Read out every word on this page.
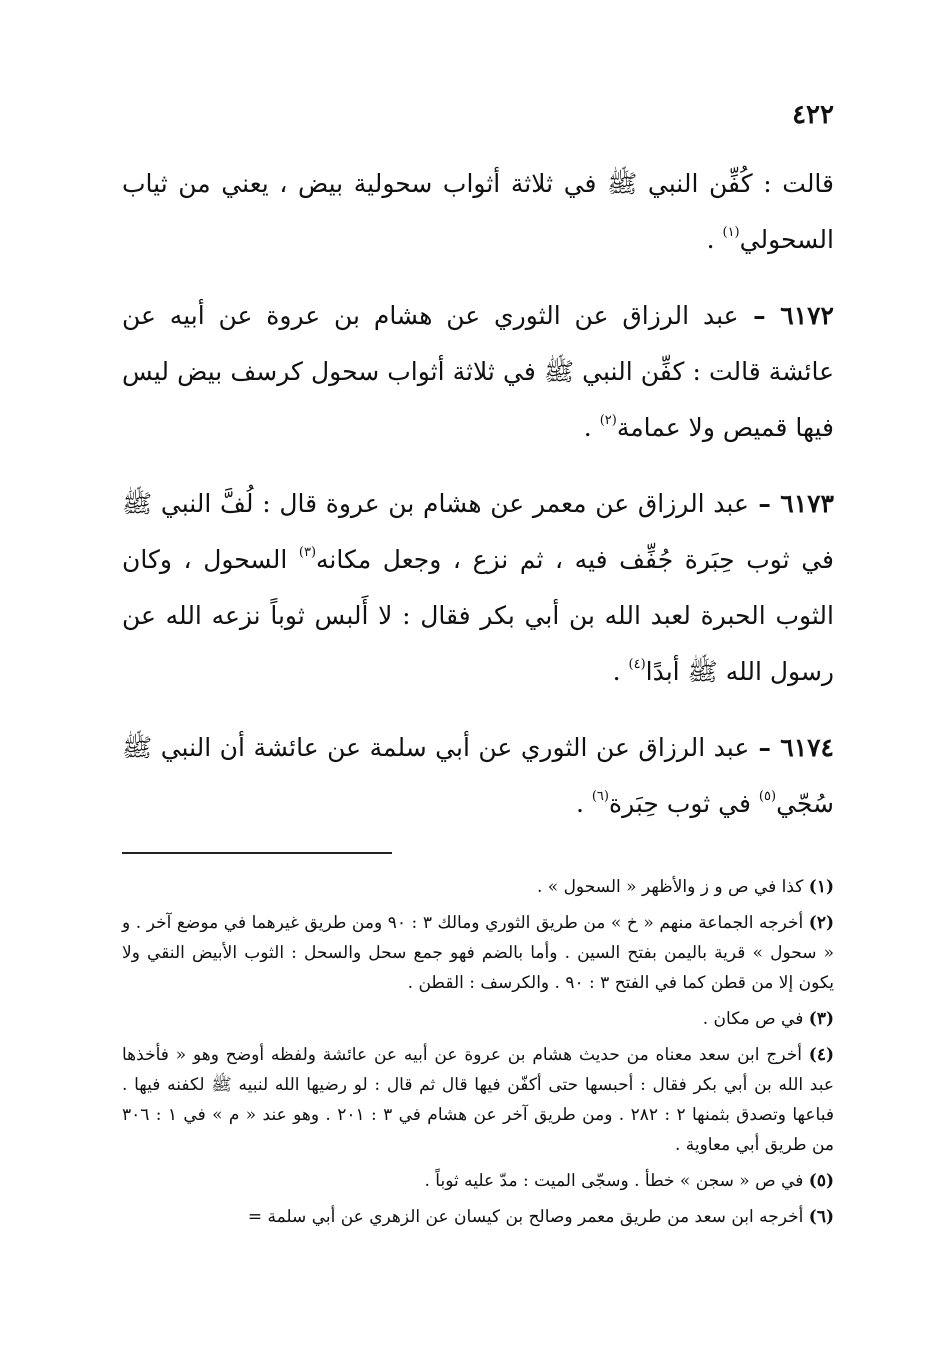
٤٢٢

قالت : كُفِّن النبي ﷺ في ثلاثة أثواب سحولية بيض ، يعني من ثياب السحولي$^{(١)}$ .

٦١٧٢ – عبد الرزاق عن الثوري عن هشام بن عروة عن أبيه عن عائشة قالت : كفِّن النبي ﷺ في ثلاثة أثواب سحول كرسف بيض ليس فيها قميص ولا عمامة$^{(٢)}$ .

٦١٧٣ – عبد الرزاق عن معمر عن هشام بن عروة قال : لُفَّ النبي ﷺ في ثوب حِبَرة جُفِّف فيه ، ثم نزع ، وجعل مكانه$^{(٣)}$ السحول ، وكان الثوب الحبرة لعبد الله بن أبي بكر فقال : لا أَلبس ثوباً نزعه الله عن رسول الله ﷺ أبدًا$^{(٤)}$ .

٦١٧٤ – عبد الرزاق عن الثوري عن أبي سلمة عن عائشة أن النبي ﷺ سُجّي$^{(٥)}$ في ثوب حِبَرة$^{(٦)}$ .

(١) كذا في ص و ز والأظهر « السحول » .
(٢) أخرجه الجماعة منهم « خ » من طريق الثوري ومالك ٣ : ٩٠ ومن طريق غيرهما في موضع آخر . و « سحول » قرية باليمن بفتح السين . وأما بالضم فهو جمع سحل والسحل : الثوب الأبيض النقي ولا يكون إلا من قطن كما في الفتح ٣ : ٩٠ . والكرسف : القطن .
(٣) في ص مكان .
(٤) أخرج ابن سعد معناه من حديث هشام بن عروة عن أبيه عن عائشة ولفظه أوضح وهو « فأخذها عبد الله بن أبي بكر فقال : أحبسها حتى أكفّن فيها قال ثم قال : لو رضيها الله لنبيه ﷺ لكفنه فيها . فباعها وتصدق بثمنها ٢ : ٢٨٢ . ومن طريق آخر عن هشام في ٣ : ٢٠١ . وهو عند « م » في ١ : ٣٠٦ من طريق أبي معاوية .
(٥) في ص « سجن » خطأ . وسجّى الميت : مدّ عليه ثوباً .
(٦) أخرجه ابن سعد من طريق معمر وصالح بن كيسان عن الزهري عن أبي سلمة =
